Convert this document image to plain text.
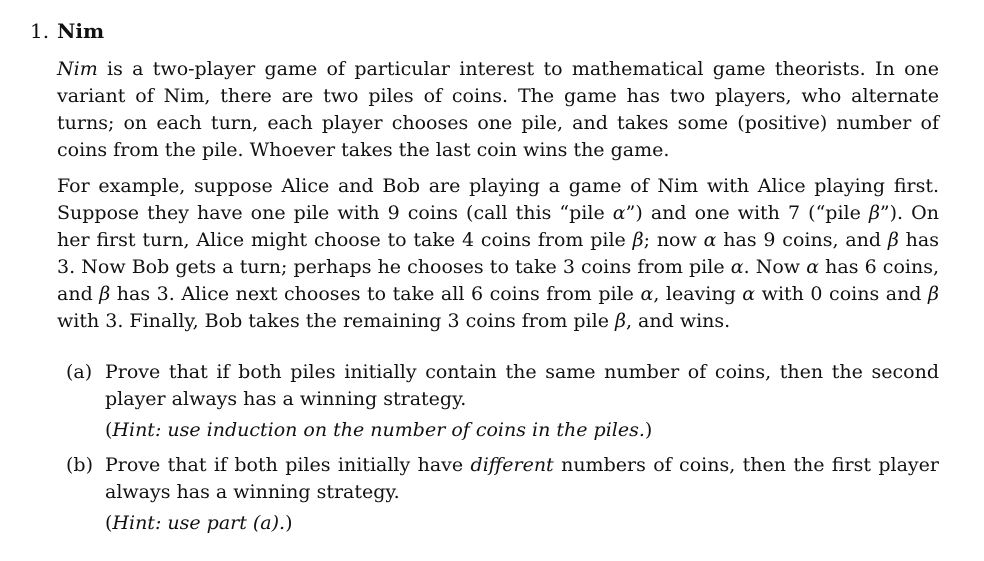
1. Nim
Nim is a two-player game of particular interest to mathematical game theorists. In one variant of Nim, there are two piles of coins. The game has two players, who alternate turns; on each turn, each player chooses one pile, and takes some (positive) number of coins from the pile. Whoever takes the last coin wins the game.
For example, suppose Alice and Bob are playing a game of Nim with Alice playing first. Suppose they have one pile with 9 coins (call this “pile α”) and one with 7 (“pile β”). On her first turn, Alice might choose to take 4 coins from pile β; now α has 9 coins, and β has 3. Now Bob gets a turn; perhaps he chooses to take 3 coins from pile α. Now α has 6 coins, and β has 3. Alice next chooses to take all 6 coins from pile α, leaving α with 0 coins and β with 3. Finally, Bob takes the remaining 3 coins from pile β, and wins.
(a) Prove that if both piles initially contain the same number of coins, then the second player always has a winning strategy.
(Hint: use induction on the number of coins in the piles.)
(b) Prove that if both piles initially have different numbers of coins, then the first player always has a winning strategy.
(Hint: use part (a).)
